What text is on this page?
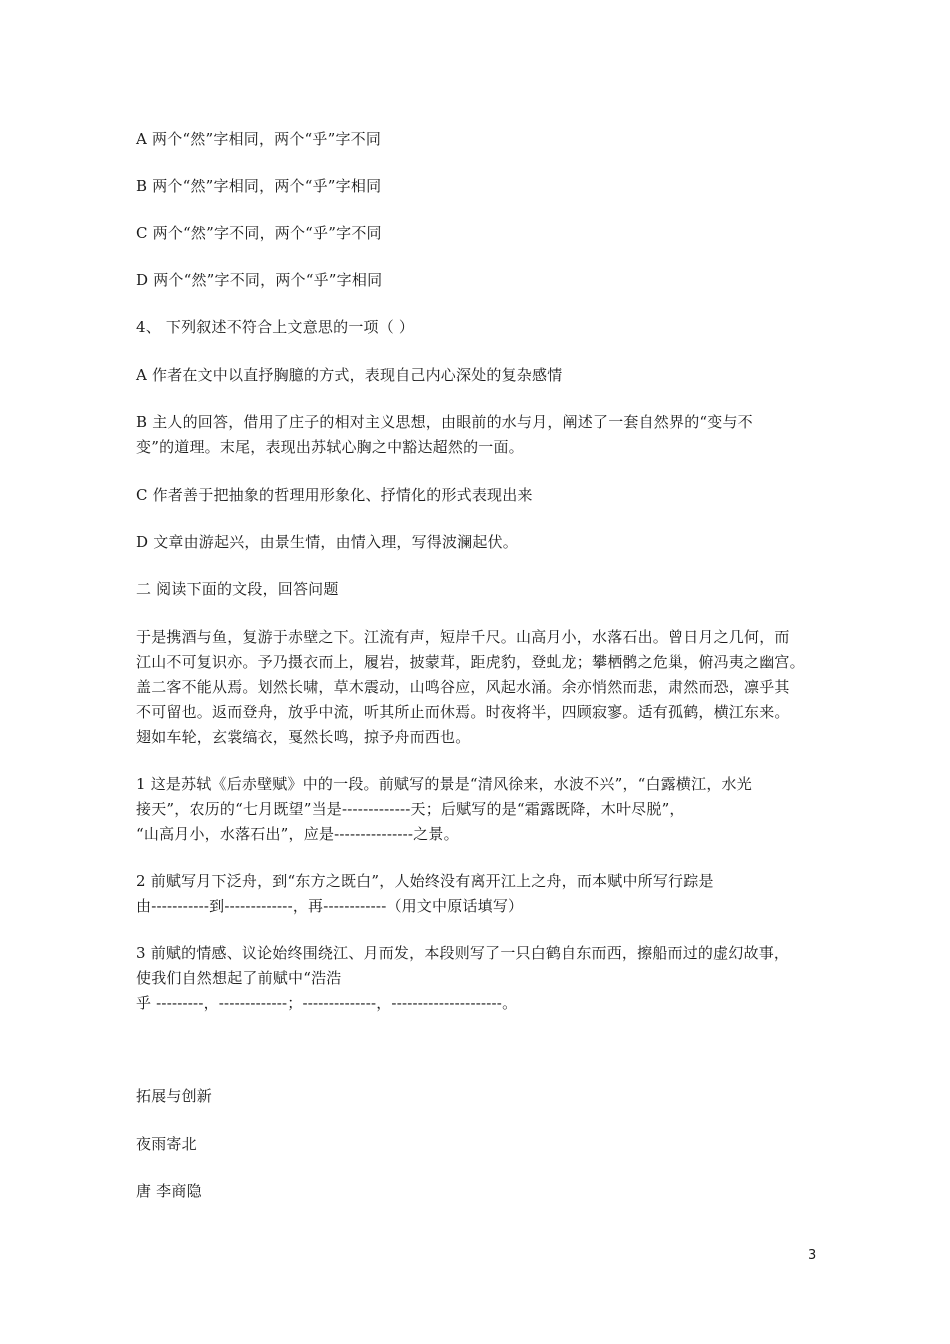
A 两个“然”字相同，两个“乎”字不同
B 两个“然”字相同，两个“乎”字相同
C 两个“然”字不同，两个“乎”字不同
D 两个“然”字不同，两个“乎”字相同
4、 下列叙述不符合上文意思的一项（ ）
A 作者在文中以直抒胸臆的方式，表现自己内心深处的复杂感情
B 主人的回答，借用了庄子的相对主义思想，由眼前的水与月，阐述了一套自然界的“变与不
变”的道理。末尾，表现出苏轼心胸之中豁达超然的一面。
C 作者善于把抽象的哲理用形象化、抒情化的形式表现出来
D 文章由游起兴，由景生情，由情入理，写得波澜起伏。
二 阅读下面的文段，回答问题
于是携酒与鱼，复游于赤壁之下。江流有声，短岸千尺。山高月小，水落石出。曾日月之几何，而
江山不可复识亦。予乃摄衣而上，履岩，披蒙茸，距虎豹，登虬龙；攀栖鹘之危巢，俯冯夷之幽宫。
盖二客不能从焉。划然长啸，草木震动，山鸣谷应，风起水涌。余亦悄然而悲，肃然而恐，凛乎其
不可留也。返而登舟，放乎中流，听其所止而休焉。时夜将半，四顾寂寥。适有孤鹤，横江东来。
翅如车轮，玄裳缟衣，戛然长鸣，掠予舟而西也。
1 这是苏轼《后赤壁赋》中的一段。前赋写的景是“清风徐来，水波不兴”，“白露横江，水光
接天”，农历的“七月既望”当是-------------天；后赋写的是“霜露既降，木叶尽脱”，
“山高月小，水落石出”，应是---------------之景。
2 前赋写月下泛舟，到“东方之既白”，人始终没有离开江上之舟，而本赋中所写行踪是
由-----------到-------------，再------------（用文中原话填写）
3 前赋的情感、议论始终围绕江、月而发，本段则写了一只白鹤自东而西，擦船而过的虚幻故事，
使我们自然想起了前赋中“浩浩
乎 ---------，-------------；--------------，---------------------。
拓展与创新
夜雨寄北
唐 李商隐
3
